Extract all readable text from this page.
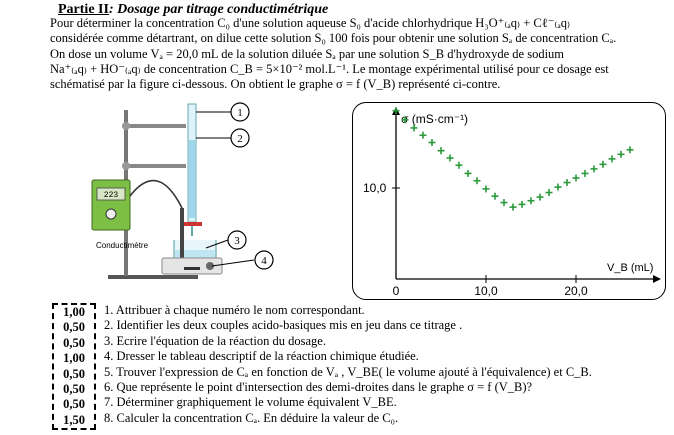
Partie II: Dosage par titrage conductimétrique

Pour déterminer la concentration C₀ d'une solution aqueuse S₀ d'acide chlorhydrique H₃O⁺₍ₐq₎ + Cℓ⁻₍ₐq₎

considérée comme détartrant, on dilue cette solution S₀ 100 fois pour obtenir une solution Sₐ de concentration Cₐ.

On dose un volume Vₐ = 20,0 mL de la solution diluée Sₐ par une solution S_B d'hydroxyde de sodium

Na⁺₍ₐq₎ + HO⁻₍ₐq₎ de concentration C_B = 5×10⁻² mol.L⁻¹. Le montage expérimental utilisé pour ce dosage est

schématisé par la figure ci-dessous. On obtient le graphe σ = f (V_B) représenté ci-contre.

1
2
3
4
223
Conductimètre
σ (mS·cm⁻¹)
V_B (mL)
10,0
0	10,0	20,0
1,00
0,50
0,50
1,00
0,50
0,50
0,50
1,50
1. Attribuer à chaque numéro le nom correspondant.
2. Identifier les deux couples acido-basiques mis en jeu dans ce titrage .
3. Ecrire l'équation de la réaction du dosage.
4. Dresser le tableau descriptif de la réaction chimique étudiée.
5. Trouver l'expression de Cₐ en fonction de Vₐ , V_BE( le volume ajouté à l'équivalence) et C_B.
6. Que représente le point d'intersection des demi-droites dans le graphe σ = f (V_B)?
7. Déterminer graphiquement le volume équivalent V_BE.
8. Calculer la concentration Cₐ. En déduire la valeur de C₀.
